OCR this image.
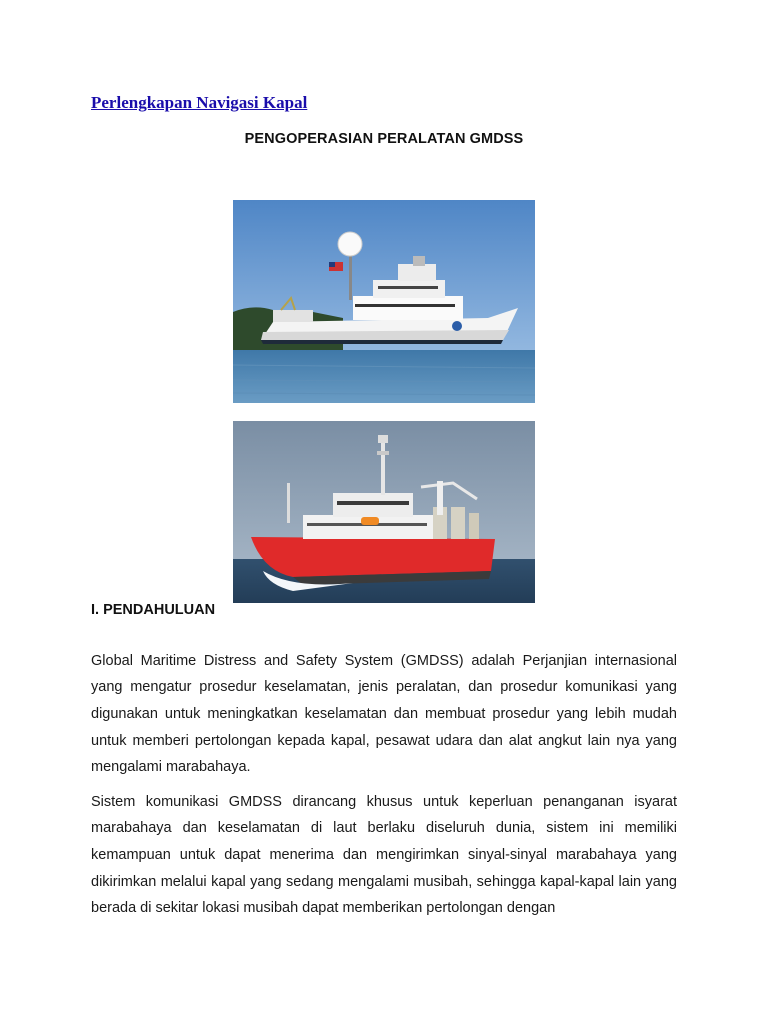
Perlengkapan Navigasi Kapal
PENGOPERASIAN PERALATAN GMDSS
I. PENDAHULUAN

Global Maritime Distress and Safety System (GMDSS) adalah Perjanjian internasional yang mengatur prosedur keselamatan, jenis peralatan, dan prosedur komunikasi yang digunakan untuk meningkatkan keselamatan dan membuat prosedur yang lebih mudah untuk memberi pertolongan kepada kapal, pesawat udara dan alat angkut lain nya yang mengalami marabahaya.

Sistem komunikasi GMDSS dirancang khusus untuk keperluan penanganan isyarat marabahaya dan keselamatan di laut berlaku diseluruh dunia, sistem ini memiliki kemampuan untuk dapat menerima dan mengirimkan sinyal-sinyal marabahaya yang dikirimkan melalui kapal yang sedang mengalami musibah, sehingga kapal-kapal lain yang berada di sekitar lokasi musibah dapat memberikan pertolongan dengan
